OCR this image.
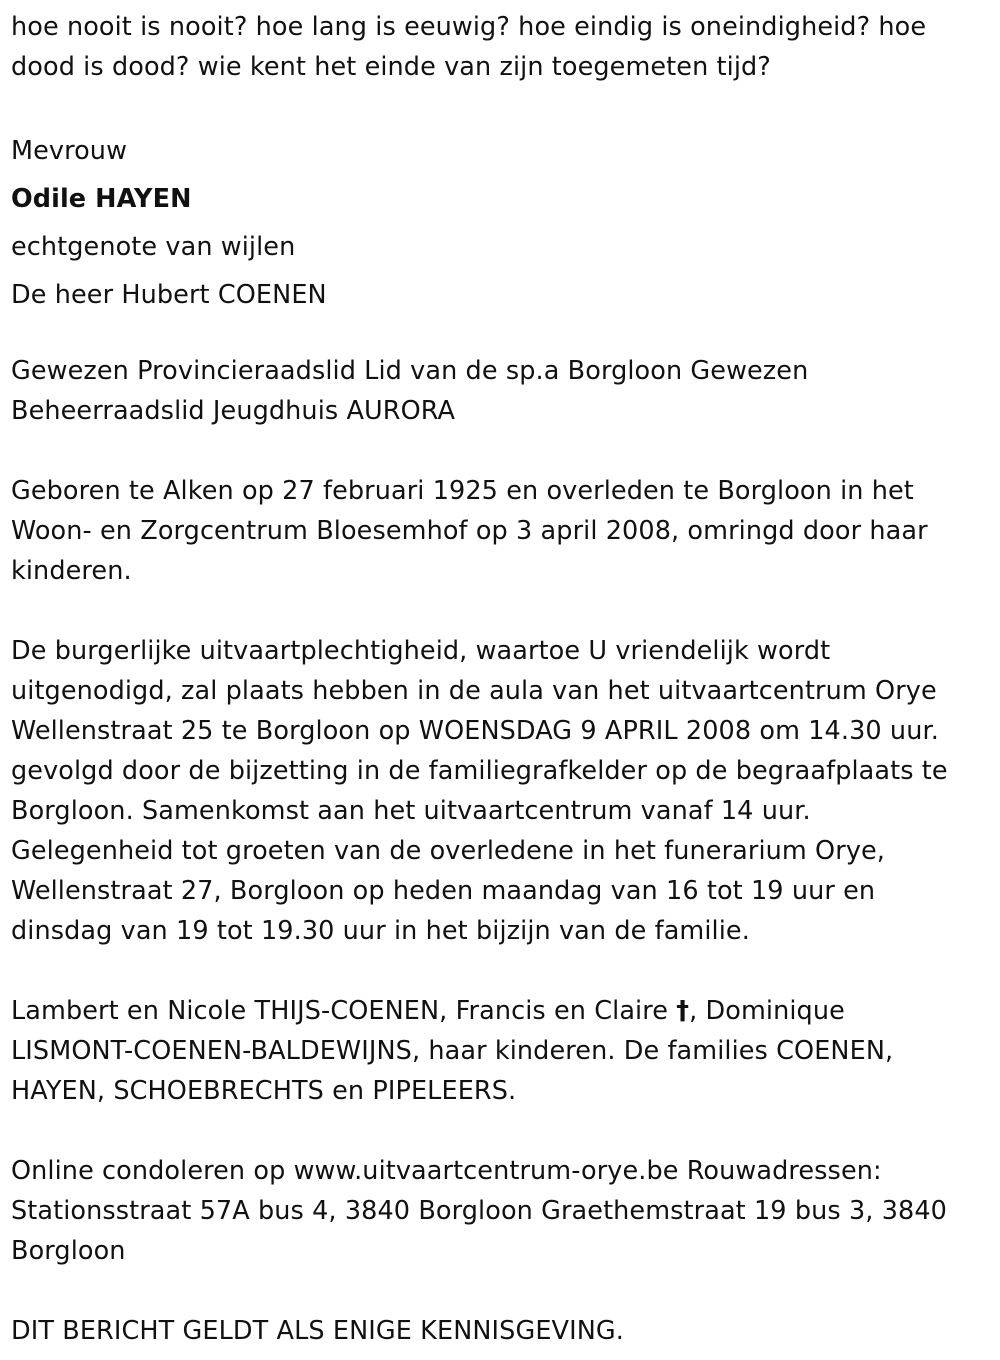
hoe nooit is nooit? hoe lang is eeuwig? hoe eindig is oneindigheid? hoe
dood is dood? wie kent het einde van zijn toegemeten tijd?

Mevrouw

Odile HAYEN

echtgenote van wijlen

De heer Hubert COENEN

Gewezen Provincieraadslid Lid van de sp.a Borgloon Gewezen
Beheerraadslid Jeugdhuis AURORA

Geboren te Alken op 27 februari 1925 en overleden te Borgloon in het
Woon- en Zorgcentrum Bloesemhof op 3 april 2008, omringd door haar
kinderen.

De burgerlijke uitvaartplechtigheid, waartoe U vriendelijk wordt
uitgenodigd, zal plaats hebben in de aula van het uitvaartcentrum Orye
Wellenstraat 25 te Borgloon op WOENSDAG 9 APRIL 2008 om 14.30 uur.
gevolgd door de bijzetting in de familiegrafkelder op de begraafplaats te
Borgloon. Samenkomst aan het uitvaartcentrum vanaf 14 uur.
Gelegenheid tot groeten van de overledene in het funerarium Orye,
Wellenstraat 27, Borgloon op heden maandag van 16 tot 19 uur en
dinsdag van 19 tot 19.30 uur in het bijzijn van de familie.

Lambert en Nicole THIJS-COENEN, Francis en Claire †, Dominique
LISMONT-COENEN-BALDEWIJNS, haar kinderen. De families COENEN,
HAYEN, SCHOEBRECHTS en PIPELEERS.

Online condoleren op www.uitvaartcentrum-orye.be Rouwadressen:
Stationsstraat 57A bus 4, 3840 Borgloon Graethemstraat 19 bus 3, 3840
Borgloon

DIT BERICHT GELDT ALS ENIGE KENNISGEVING.
